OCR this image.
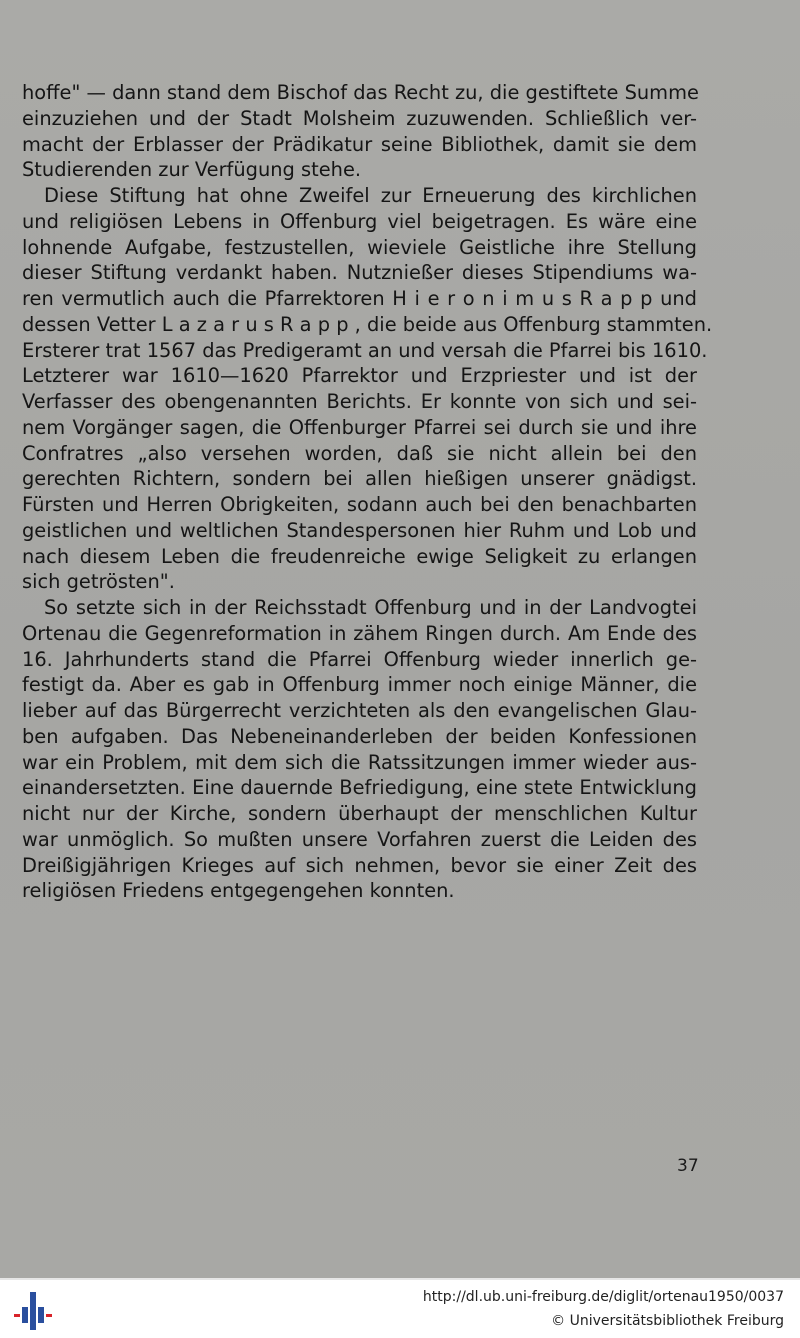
hoffe" — dann stand dem Bischof das Recht zu, die gestiftete Summe
einzuziehen und der Stadt Molsheim zuzuwenden. Schließlich ver-
macht der Erblasser der Prädikatur seine Bibliothek, damit sie dem
Studierenden zur Verfügung stehe.
Diese Stiftung hat ohne Zweifel zur Erneuerung des kirchlichen
und religiösen Lebens in Offenburg viel beigetragen. Es wäre eine
lohnende Aufgabe, festzustellen, wieviele Geistliche ihre Stellung
dieser Stiftung verdankt haben. Nutznießer dieses Stipendiums wa-
ren vermutlich auch die Pfarrektoren H i e r o n i m u s R a p p und
dessen Vetter L a z a r u s R a p p , die beide aus Offenburg stammten.
Ersterer trat 1567 das Predigeramt an und versah die Pfarrei bis 1610.
Letzterer war 1610—1620 Pfarrektor und Erzpriester und ist der
Verfasser des obengenannten Berichts. Er konnte von sich und sei-
nem Vorgänger sagen, die Offenburger Pfarrei sei durch sie und ihre
Confratres „also versehen worden, daß sie nicht allein bei den
gerechten Richtern, sondern bei allen hießigen unserer gnädigst.
Fürsten und Herren Obrigkeiten, sodann auch bei den benachbarten
geistlichen und weltlichen Standespersonen hier Ruhm und Lob und
nach diesem Leben die freudenreiche ewige Seligkeit zu erlangen
sich getrösten".
So setzte sich in der Reichsstadt Offenburg und in der Landvogtei
Ortenau die Gegenreformation in zähem Ringen durch. Am Ende des
16. Jahrhunderts stand die Pfarrei Offenburg wieder innerlich ge-
festigt da. Aber es gab in Offenburg immer noch einige Männer, die
lieber auf das Bürgerrecht verzichteten als den evangelischen Glau-
ben aufgaben. Das Nebeneinanderleben der beiden Konfessionen
war ein Problem, mit dem sich die Ratssitzungen immer wieder aus-
einandersetzten. Eine dauernde Befriedigung, eine stete Entwicklung
nicht nur der Kirche, sondern überhaupt der menschlichen Kultur
war unmöglich. So mußten unsere Vorfahren zuerst die Leiden des
Dreißigjährigen Krieges auf sich nehmen, bevor sie einer Zeit des
religiösen Friedens entgegengehen konnten.
37
http://dl.ub.uni-freiburg.de/diglit/ortenau1950/0037
© Universitätsbibliothek Freiburg
